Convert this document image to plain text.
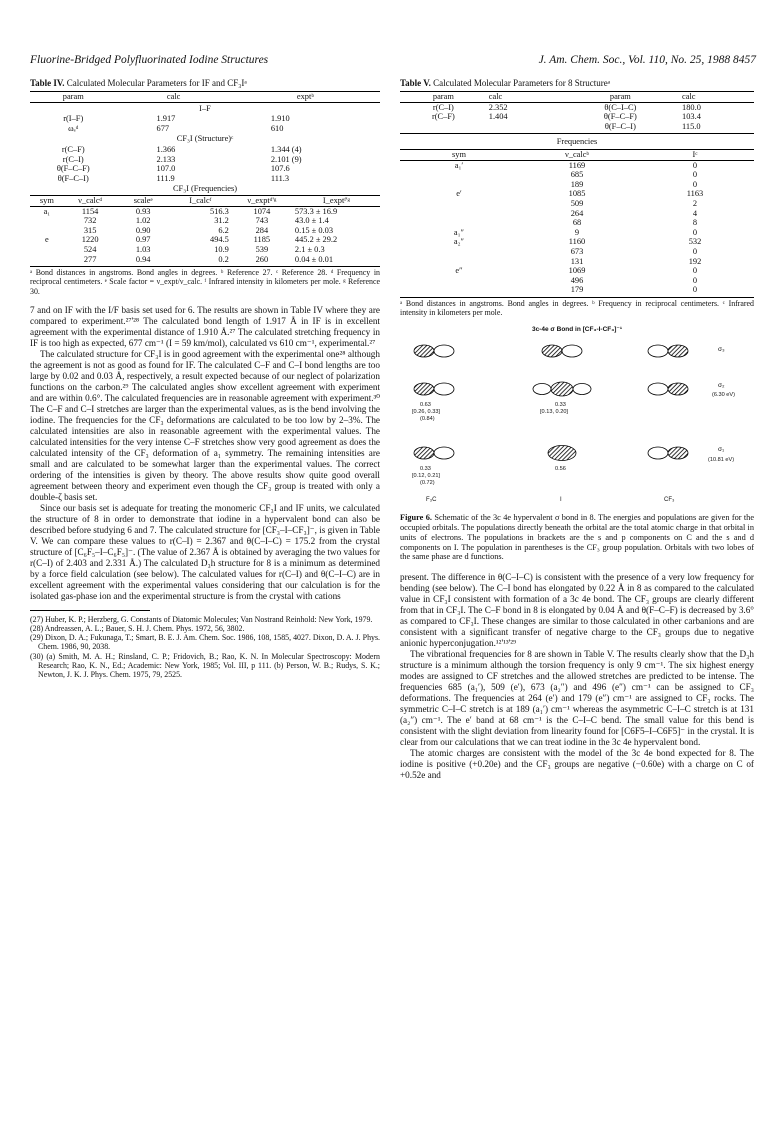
Fluorine-Bridged Polyfluorinated Iodine Structures	J. Am. Chem. Soc., Vol. 110, No. 25, 1988 8457
Table IV. Calculated Molecular Parameters for IF and CF₃Iᵃ
param		calc		exptᵇ	
I–F					
r(I–F)		1.917		1.910	
ωₑᵈ		677		610	
CF₃I (Structure)ᶜ					
r(C–F)		1.366		1.344 (4)	
r(C–I)		2.133		2.101 (9)	
θ(F–C–F)		107.0		107.6	
θ(F–C–I)		111.9		111.3	
CF₃I (Frequencies)					
sym	ν_calcᵈ	scaleᵉ	I_calcᶠ	ν_exptᵈ'ᵍ	I_exptᶠ'ᵍ
a₁	1154	0.93	516.3	1074	573.3 ± 16.9
	732	1.02	31.2	743	43.0 ± 1.4
	315	0.90	6.2	284	0.15 ± 0.03
e	1220	0.97	494.5	1185	445.2 ± 29.2
	524	1.03	10.9	539	2.1 ± 0.3
	277	0.94	0.2	260	0.04 ± 0.01
ᵃ Bond distances in angstroms. Bond angles in degrees. ᵇ Reference 27. ᶜ Reference 28. ᵈ Frequency in reciprocal centimeters. ᵉ Scale factor = ν_expt/ν_calc. ᶠ Infrared intensity in kilometers per mole. ᵍ Reference 30.

7 and on IF with the I/F basis set used for 6. The results are shown in Table IV where they are compared to experiment.²⁷'²⁸ The calculated bond length of 1.917 Å in IF is in excellent agreement with the experimental distance of 1.910 Å.²⁷ The calculated stretching frequency in IF is too high as expected, 677 cm⁻¹ (I = 59 km/mol), calculated vs 610 cm⁻¹, experimental.²⁷

The calculated structure for CF₃I is in good agreement with the experimental one²⁸ although the agreement is not as good as found for IF. The calculated C–F and C–I bond lengths are too large by 0.02 and 0.03 Å, respectively, a result expected because of our neglect of polarization functions on the carbon.²⁹ The calculated angles show excellent agreement with experiment and are within 0.6°. The calculated frequencies are in reasonable agreement with experiment.³⁰ The C–F and C–I stretches are larger than the experimental values, as is the bend involving the iodine. The frequencies for the CF₃ deformations are calculated to be too low by 2–3%. The calculated intensities are also in reasonable agreement with the experimental values. The calculated intensities for the very intense C–F stretches show very good agreement as does the calculated intensity of the CF₃ deformation of a₁ symmetry. The remaining intensities are small and are calculated to be somewhat larger than the experimental values. The correct ordering of the intensities is given by theory. The above results show quite good overall agreement between theory and experiment even though the CF₃ group is treated with only a double-ζ basis set.

Since our basis set is adequate for treating the monomeric CF₃I and IF units, we calculated the structure of 8 in order to demonstrate that iodine in a hypervalent bond can also be described before studying 6 and 7. The calculated structure for [CF₃–I–CF₃]⁻, is given in Table V. We can compare these values to r(C–I) = 2.367 and θ(C–I–C) = 175.2 from the crystal structure of [C₆F₅–I–C₆F₅]⁻. (The value of 2.367 Å is obtained by averaging the two values for r(C–I) of 2.403 and 2.331 Å.) The calculated D₃h structure for 8 is a minimum as determined by a force field calculation (see below). The calculated values for r(C–I) and θ(C–I–C) are in excellent agreement with the experimental values considering that our calculation is for the isolated gas-phase ion and the experimental structure is from the crystal with cations

(27) Huber, K. P.; Herzberg, G. Constants of Diatomic Molecules; Van Nostrand Reinhold: New York, 1979.

(28) Andreassen, A. L.; Bauer, S. H. J. Chem. Phys. 1972, 56, 3802.

(29) Dixon, D. A.; Fukunaga, T.; Smart, B. E. J. Am. Chem. Soc. 1986, 108, 1585, 4027. Dixon, D. A. J. Phys. Chem. 1986, 90, 2038.

(30) (a) Smith, M. A. H.; Rinsland, C. P.; Fridovich, B.; Rao, K. N. In Molecular Spectroscopy: Modern Research; Rao, K. N., Ed.; Academic: New York, 1985; Vol. III, p 111. (b) Person, W. B.; Rudys, S. K.; Newton, J. K. J. Phys. Chem. 1975, 79, 2525.

Table V. Calculated Molecular Parameters for 8 Structureᵃ
param	calc	param	calc
r(C–I)	2.352	θ(C–I–C)	180.0
r(C–F)	1.404	θ(F–C–F)	103.4
		θ(F–C–I)	115.0
Frequencies		
sym	ν_calcᵇ	Iᶜ
a₁′	1169	0
	685	0
	189	0
e′	1085	1163
	509	2
	264	4
	68	8
a₁″	9	0
a₂″	1160	532
	673	0
	131	192
e″	1069	0
	496	0
	179	0
ᵃ Bond distances in angstroms. Bond angles in degrees. ᵇ Frequency in reciprocal centimeters. ᶜ Infrared intensity in kilometers per mole.
3c-4e σ Bond in [CF₃-I-CF₃]⁻¹
σ₃
σ₂
(6.30 eV)
σ₁
(10.81 eV)
0.63
[0.26, 0.33]
(0.84)
0.33
[0.13, 0.20]
0.33
[0.12, 0.21]
(0.72)
0.56
F₃C	I	CF₃
Figure 6. Schematic of the 3c 4e hypervalent σ bond in 8. The energies and populations are given for the occupied orbitals. The populations directly beneath the orbital are the total atomic charge in that orbital in units of electrons. The populations in brackets are the s and p components on C and the s and d components on I. The population in parentheses is the CF₃ group population. Orbitals with two lobes of the same phase are d functions.

present. The difference in θ(C–I–C) is consistent with the presence of a very low frequency for bending (see below). The C–I bond has elongated by 0.22 Å in 8 as compared to the calculated value in CF₃I consistent with formation of a 3c 4e bond. The CF₃ groups are clearly different from that in CF₃I. The C–F bond in 8 is elongated by 0.04 Å and θ(F–C–F) is decreased by 3.6° as compared to CF₃I. These changes are similar to those calculated in other carbanions and are consistent with a significant transfer of negative charge to the CF₃ groups due to negative anionic hyperconjugation.¹²'¹³'²⁹

The vibrational frequencies for 8 are shown in Table V. The results clearly show that the D₃h structure is a minimum although the torsion frequency is only 9 cm⁻¹. The six highest energy modes are assigned to CF stretches and the allowed stretches are predicted to be intense. The frequencies 685 (a₁′), 509 (e′), 673 (a₂″) and 496 (e″) cm⁻¹ can be assigned to CF₃ deformations. The frequencies at 264 (e′) and 179 (e″) cm⁻¹ are assigned to CF₃ rocks. The symmetric C–I–C stretch is at 189 (a₁′) cm⁻¹ whereas the asymmetric C–I–C stretch is at 131 (a₂″) cm⁻¹. The e′ band at 68 cm⁻¹ is the C–I–C bend. The small value for this bend is consistent with the slight deviation from linearity found for [C6F5–I–C6F5]⁻ in the crystal. It is clear from our calculations that we can treat iodine in the 3c 4e hypervalent bond.

The atomic charges are consistent with the model of the 3c 4e bond expected for 8. The iodine is positive (+0.20e) and the CF₃ groups are negative (−0.60e) with a charge on C of +0.52e and
